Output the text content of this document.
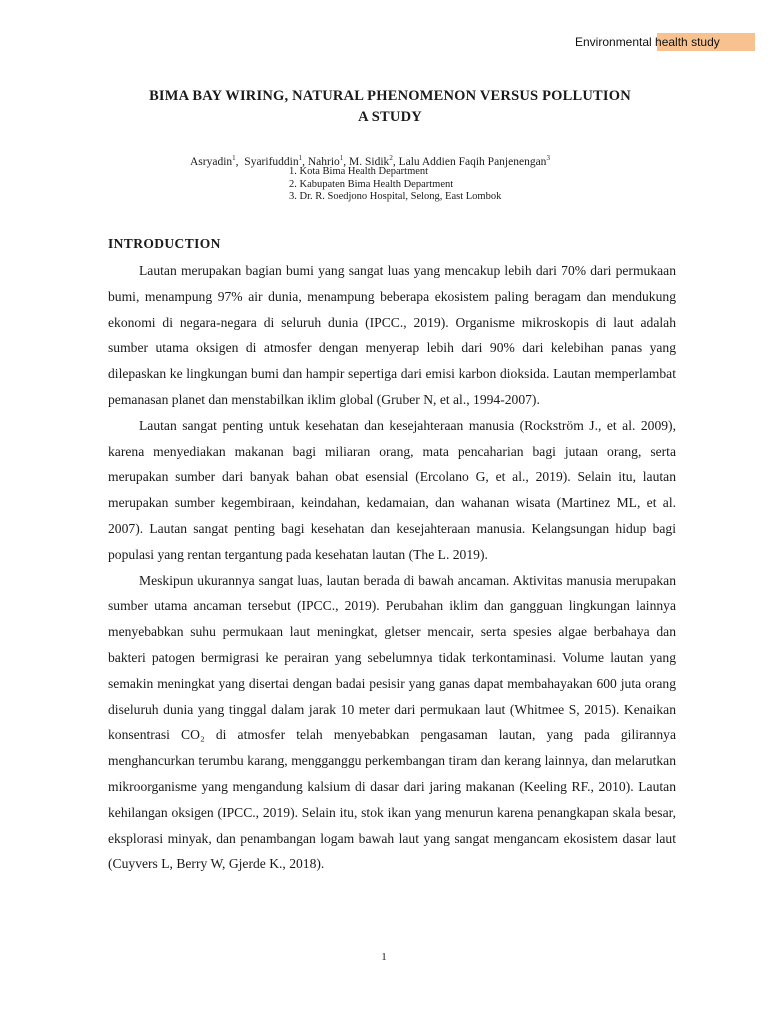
Environmental health study
BIMA BAY WIRING, NATURAL PHENOMENON VERSUS POLLUTION
A STUDY

Asryadin$^1$,  Syarifuddin$^1$, Nahrio$^1$, M. Sidik$^2$, Lalu Addien Faqih Panjenengan$^3$

1. Kota Bima Health Department
2. Kabupaten Bima Health Department
3. Dr. R. Soedjono Hospital, Selong, East Lombok
INTRODUCTION

Lautan merupakan bagian bumi yang sangat luas yang mencakup lebih dari 70% dari permukaan bumi, menampung 97% air dunia, menampung beberapa ekosistem paling beragam dan mendukung ekonomi di negara-negara di seluruh dunia (IPCC., 2019). Organisme mikroskopis di laut adalah sumber utama oksigen di atmosfer dengan menyerap lebih dari 90% dari kelebihan panas yang dilepaskan ke lingkungan bumi dan hampir sepertiga dari emisi karbon dioksida. Lautan memperlambat pemanasan planet dan menstabilkan iklim global (Gruber N, et al., 1994-2007).

Lautan sangat penting untuk kesehatan dan kesejahteraan manusia (Rockström J., et al. 2009), karena menyediakan makanan bagi miliaran orang, mata pencaharian bagi jutaan orang, serta merupakan sumber dari banyak bahan obat esensial (Ercolano G, et al., 2019). Selain itu, lautan merupakan sumber kegembiraan, keindahan, kedamaian, dan wahanan wisata (Martinez ML, et al. 2007). Lautan sangat penting bagi kesehatan dan kesejahteraan manusia. Kelangsungan hidup bagi populasi yang rentan tergantung pada kesehatan lautan (The L. 2019).

Meskipun ukurannya sangat luas, lautan berada di bawah ancaman. Aktivitas manusia merupakan sumber utama ancaman tersebut (IPCC., 2019). Perubahan iklim dan gangguan lingkungan lainnya menyebabkan suhu permukaan laut meningkat, gletser mencair, serta spesies algae berbahaya dan bakteri patogen bermigrasi ke perairan yang sebelumnya tidak terkontaminasi. Volume lautan yang semakin meningkat yang disertai dengan badai pesisir yang ganas dapat membahayakan 600 juta orang diseluruh dunia yang tinggal dalam jarak 10 meter dari permukaan laut (Whitmee S, 2015). Kenaikan konsentrasi CO₂ di atmosfer telah menyebabkan pengasaman lautan, yang pada gilirannya menghancurkan terumbu karang, mengganggu perkembangan tiram dan kerang lainnya, dan melarutkan mikroorganisme yang mengandung kalsium di dasar dari jaring makanan (Keeling RF., 2010). Lautan kehilangan oksigen (IPCC., 2019). Selain itu, stok ikan yang menurun karena penangkapan skala besar, eksplorasi minyak, dan penambangan logam bawah laut yang sangat mengancam ekosistem dasar laut (Cuyvers L, Berry W, Gjerde K., 2018).

1
